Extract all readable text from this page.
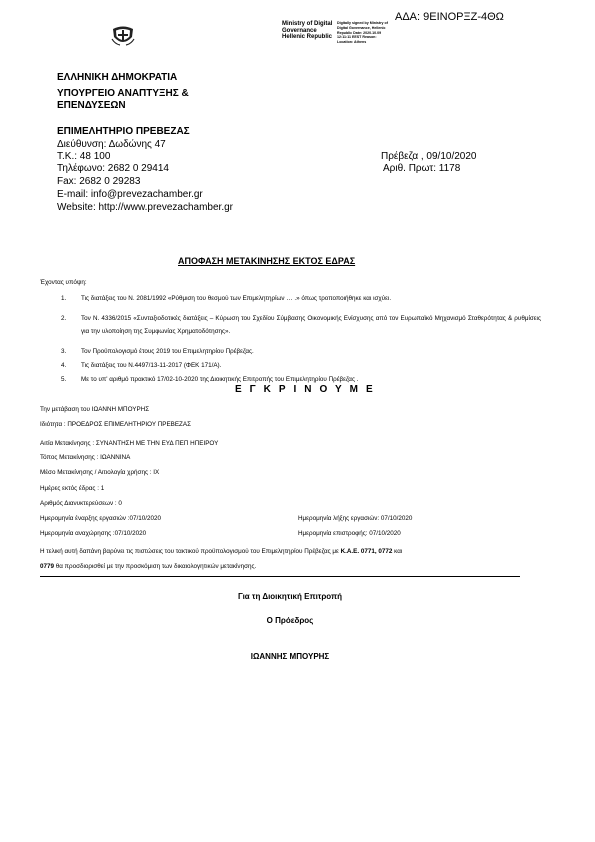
ΑΔΑ: 9ΕΙΝΟΡΞΖ-4ΘΩ
Ministry of Digital
Governance
Hellenic Republic
Digitally signed by Ministry of Digital Governance, Hellenic Republic Date: 2020.10.09 12:11:11 EEST Reason: Location: Athens
ΕΛΛΗΝΙΚΗ ΔΗΜΟΚΡΑΤΙΑ
ΥΠΟΥΡΓΕΙΟ ΑΝΑΠΤΥΞΗΣ &
ΕΠΕΝΔΥΣΕΩΝ
ΕΠΙΜΕΛΗΤΗΡΙΟ ΠΡΕΒΕΖΑΣ
Διεύθυνση: Δωδώνης 47
Τ.Κ.: 48 100
Τηλέφωνο: 2682 0 29414
Fax: 2682 0 29283
E-mail: info@prevezachamber.gr
Website: http://www.prevezachamber.gr
Πρέβεζα , 09/10/2020
Αριθ. Πρωτ: 1178
ΑΠΟΦΑΣΗ ΜΕΤΑΚΙΝΗΣΗΣ ΕΚΤΟΣ ΕΔΡΑΣ
Έχοντας υπόψη:
1. Τις διατάξεις του Ν. 2081/1992 «Ρύθμιση του θεσμού των Επιμελητηρίων … .» όπως τροποποιήθηκε και ισχύει.
2. Τον Ν. 4336/2015 «Συνταξιοδοτικές διατάξεις – Κύρωση του Σχεδίου Σύμβασης Οικονομικής Ενίσχυσης από τον Ευρωπαϊκό Μηχανισμό Σταθερότητας & ρυθμίσεις για την υλοποίηση της Συμφωνίας Χρηματοδότησης».
3. Τον Προϋπολογισμό έτους 2019 του Επιμελητηρίου Πρέβεζας.
4. Τις διατάξεις του Ν.4497/13-11-2017 (ΦΕΚ 171/Α).
5. Με το υπ' αριθμό πρακτικό 17/02-10-2020 της Διοικητικής Επιτροπής του Επιμελητηρίου Πρέβεζας .
Ε Γ Κ Ρ Ι Ν Ο Υ Μ Ε
Την μετάβαση του ΙΩΑΝΝΗ ΜΠΟΥΡΗΣ
Ιδιότητα : ΠΡΟΕΔΡΟΣ ΕΠΙΜΕΛΗΤΗΡΙΟΥ ΠΡΕΒΕΖΑΣ
Αιτία Μετακίνησης : ΣΥΝΑΝΤΗΣΗ ΜΕ ΤΗΝ ΕΥΔ ΠΕΠ ΗΠΕΙΡΟΥ
Τόπος Μετακίνησης : ΙΩΑΝΝΙΝΑ
Μέσο Μετακίνησης / Αιτιολογία χρήσης : IX
Ημέρες εκτός έδρας : 1
Αριθμός Διανυκτερεύσεων : 0
Ημερομηνία έναρξης εργασιών :07/10/2020	Ημερομηνία λήξης εργασιών: 07/10/2020
Ημερομηνία αναχώρησης :07/10/2020	Ημερομηνία επιστροφής: 07/10/2020
Η τελική αυτή δαπάνη βαρύνει τις πιστώσεις του τακτικού προϋπολογισμού του Επιμελητηρίου Πρέβεζας με Κ.Α.Ε. 0771, 0772 και
0779 θα προσδιορισθεί με την προσκόμιση των δικαιολογητικών μετακίνησης.
Για τη Διοικητική Επιτροπή
Ο Πρόεδρος
ΙΩΑΝΝΗΣ ΜΠΟΥΡΗΣ
